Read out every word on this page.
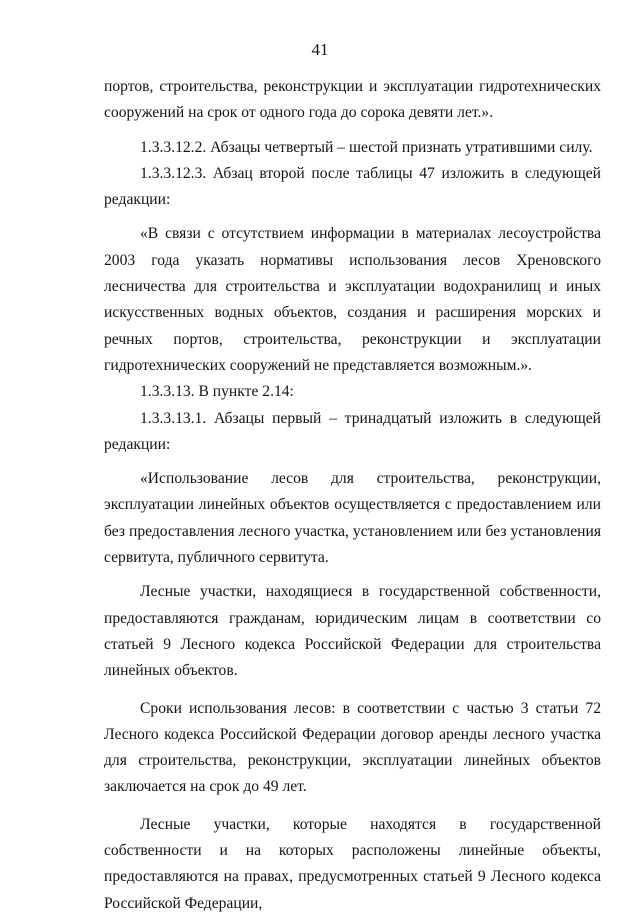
41

портов, строительства, реконструкции и эксплуатации гидротехнических сооружений на срок от одного года до сорока девяти лет.».

1.3.3.12.2. Абзацы четвертый – шестой признать утратившими силу.

1.3.3.12.3. Абзац второй после таблицы 47 изложить в следующей редакции:

«В связи с отсутствием информации в материалах лесоустройства 2003 года указать нормативы использования лесов Хреновского лесничества для строительства и эксплуатации водохранилищ и иных искусственных водных объектов, создания и расширения морских и речных портов, строительства, реконструкции и эксплуатации гидротехнических сооружений не представляется возможным.».

1.3.3.13. В пункте 2.14:

1.3.3.13.1. Абзацы первый – тринадцатый изложить в следующей редакции:

«Использование лесов для строительства, реконструкции, эксплуатации линейных объектов осуществляется с предоставлением или без предоставления лесного участка, установлением или без установления сервитута, публичного сервитута.

Лесные участки, находящиеся в государственной собственности, предоставляются гражданам, юридическим лицам в соответствии со статьей 9 Лесного кодекса Российской Федерации для строительства линейных объектов.

Сроки использования лесов: в соответствии с частью 3 статьи 72 Лесного кодекса Российской Федерации договор аренды лесного участка для строительства, реконструкции, эксплуатации линейных объектов заключается на срок до 49 лет.

Лесные участки, которые находятся в государственной собственности и на которых расположены линейные объекты, предоставляются на правах, предусмотренных статьей 9 Лесного кодекса Российской Федерации,
